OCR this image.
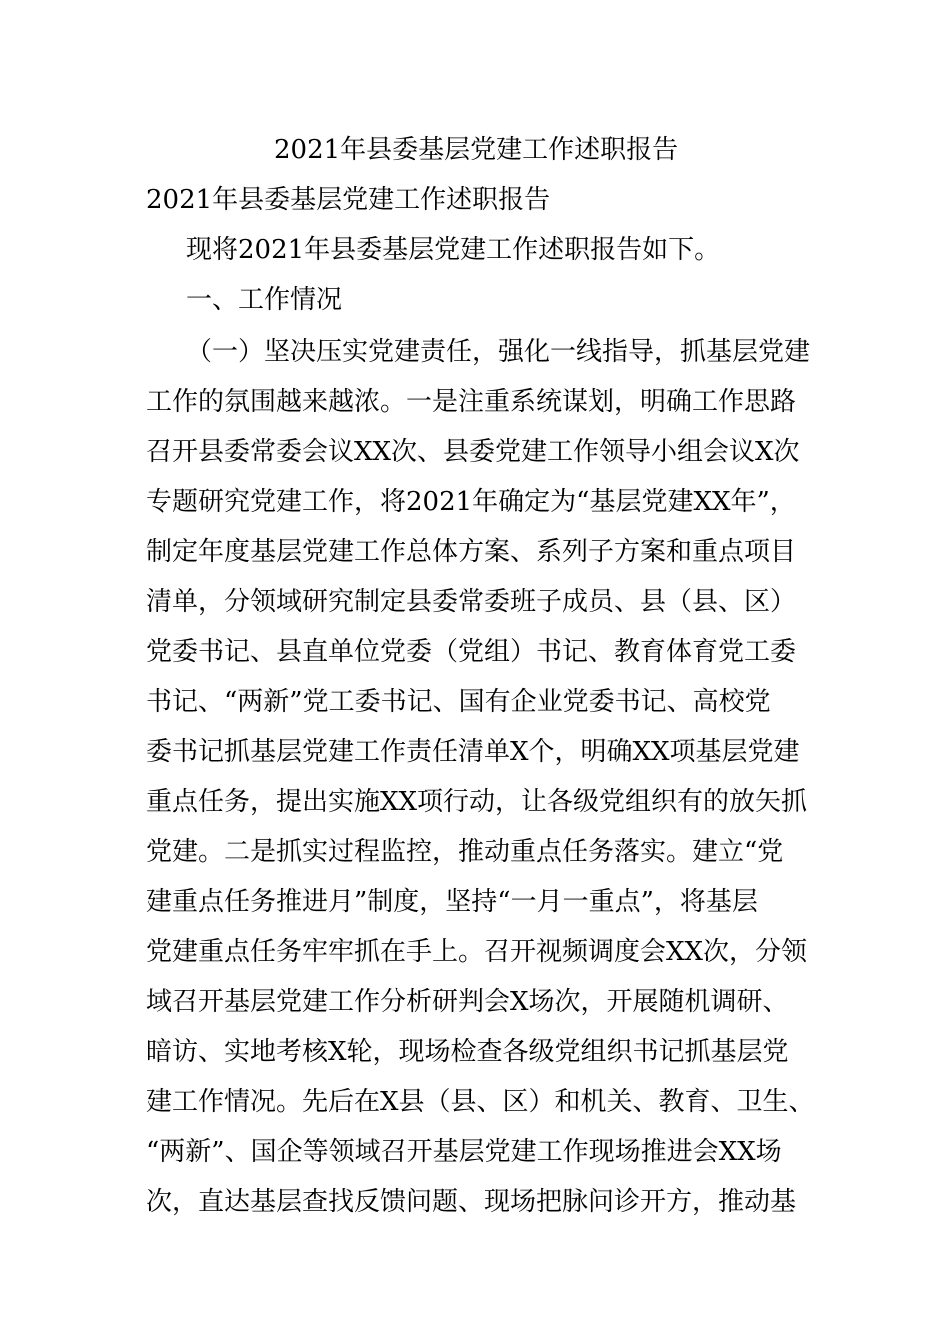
2021年县委基层党建工作述职报告
2021年县委基层党建工作述职报告
现将2021年县委基层党建工作述职报告如下。
一、工作情况
（一）坚决压实党建责任，强化一线指导，抓基层党建
工作的氛围越来越浓。一是注重系统谋划，明确工作思路
召开县委常委会议XX次、县委党建工作领导小组会议X次
专题研究党建工作，将2021年确定为“基层党建XX年”，
制定年度基层党建工作总体方案、系列子方案和重点项目
清单，分领域研究制定县委常委班子成员、县（县、区）
党委书记、县直单位党委（党组）书记、教育体育党工委
书记、“两新”党工委书记、国有企业党委书记、高校党
委书记抓基层党建工作责任清单X个，明确XX项基层党建
重点任务，提出实施XX项行动，让各级党组织有的放矢抓
党建。二是抓实过程监控，推动重点任务落实。建立“党
建重点任务推进月”制度，坚持“一月一重点”，将基层
党建重点任务牢牢抓在手上。召开视频调度会XX次，分领
域召开基层党建工作分析研判会X场次，开展随机调研、
暗访、实地考核X轮，现场检查各级党组织书记抓基层党
建工作情况。先后在X县（县、区）和机关、教育、卫生、
“两新”、国企等领域召开基层党建工作现场推进会XX场
次，直达基层查找反馈问题、现场把脉问诊开方，推动基
